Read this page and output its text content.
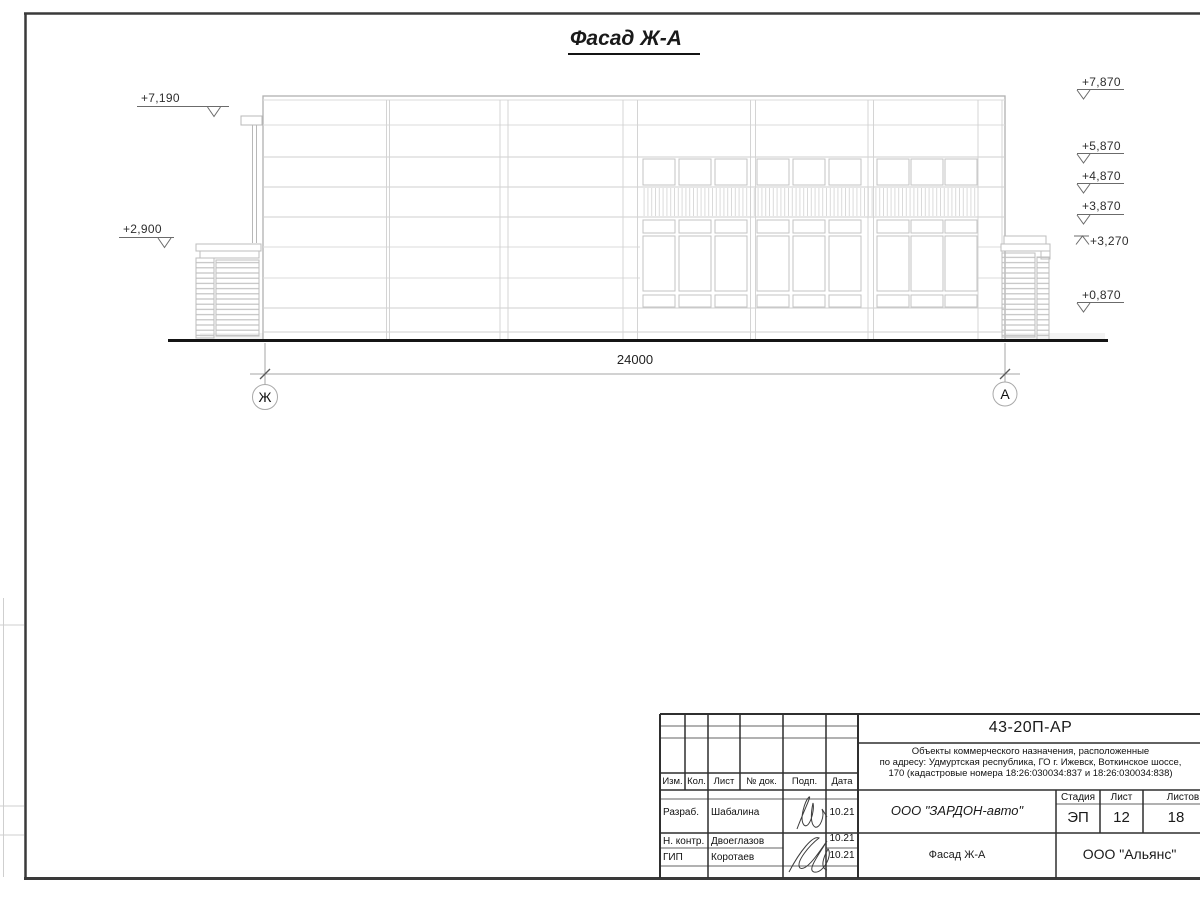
Фасад Ж-А
+7,190
+2,900
+7,870
+5,870
+4,870
+3,870
+3,270
+0,870
24000
Ж	А
43-20П-АР
Объекты коммерческого назначения, расположенные
по адресу: Удмуртская республика, ГО г. Ижевск, Воткинское шоссе,
170 (кадастровые номера 18:26:030034:837 и 18:26:030034:838)
Изм. Кол. Лист	№ док.	Подп.	Дата
Разраб. Шабалина	10.21
Н. контр. Двоеглазов	10.21
ГИП	Коротаев	10.21
ООО "ЗАРДОН-авто"
Стадия	Лист	Листов
ЭП	12	18
Фасад Ж-А	ООО "Альянс"
